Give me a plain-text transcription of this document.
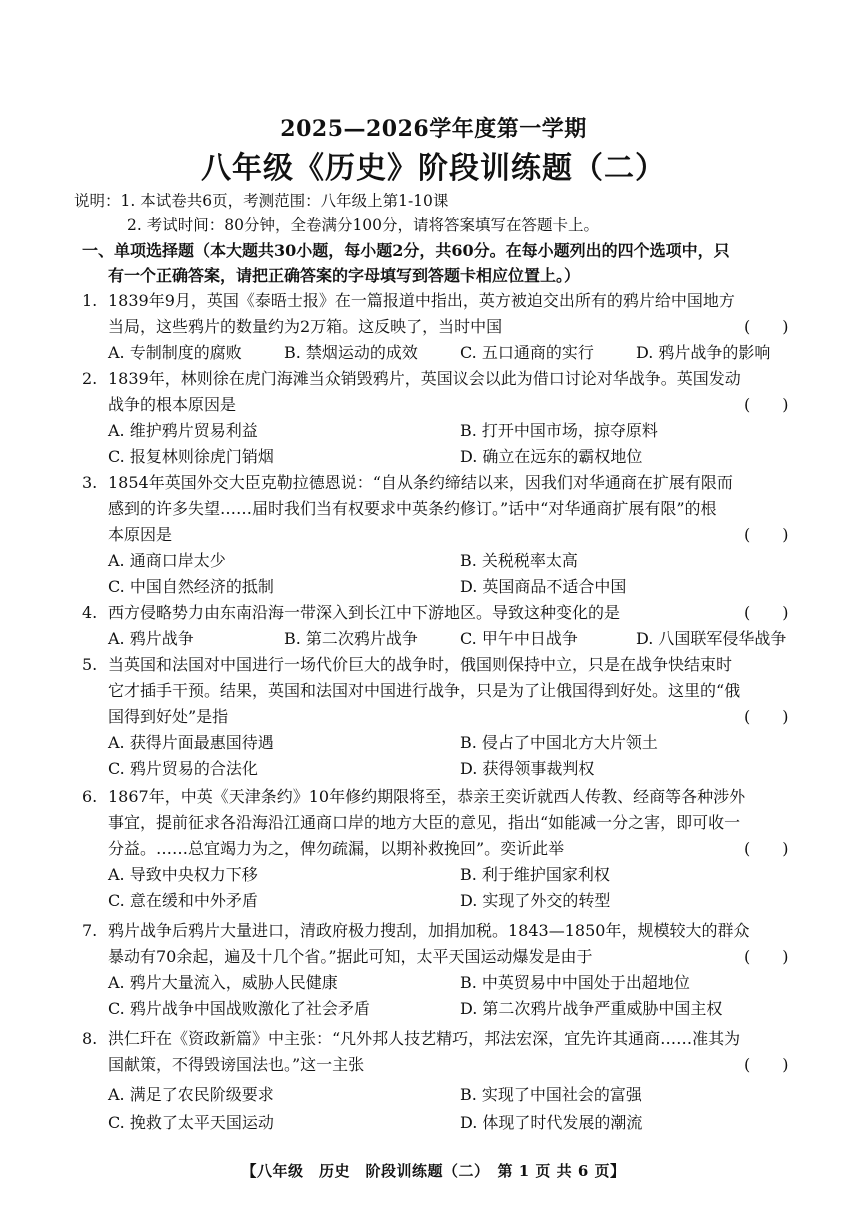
2025—2026学年度第一学期
八年级《历史》阶段训练题（二）
说明：1. 本试卷共6页，考测范围：八年级上第1-10课
2. 考试时间：80分钟，全卷满分100分，请将答案填写在答题卡上。
一、单项选择题（本大题共30小题，每小题2分，共60分。在每小题列出的四个选项中，只
有一个正确答案，请把正确答案的字母填写到答题卡相应位置上。）
1. 1839年9月，英国《泰晤士报》在一篇报道中指出，英方被迫交出所有的鸦片给中国地方
当局，这些鸦片的数量约为2万箱。这反映了，当时中国	(　　)
A. 专制制度的腐败	B. 禁烟运动的成效	C. 五口通商的实行	D. 鸦片战争的影响
2. 1839年，林则徐在虎门海滩当众销毁鸦片，英国议会以此为借口讨论对华战争。英国发动
战争的根本原因是	(　　)
A. 维护鸦片贸易利益	B. 打开中国市场，掠夺原料
C. 报复林则徐虎门销烟	D. 确立在远东的霸权地位
3. 1854年英国外交大臣克勒拉德恩说：“自从条约缔结以来，因我们对华通商在扩展有限而
感到的许多失望……届时我们当有权要求中英条约修订。”话中“对华通商扩展有限”的根
本原因是	(　　)
A. 通商口岸太少	B. 关税税率太高
C. 中国自然经济的抵制	D. 英国商品不适合中国
4. 西方侵略势力由东南沿海一带深入到长江中下游地区。导致这种变化的是	(　　)
A. 鸦片战争	B. 第二次鸦片战争	C. 甲午中日战争	D. 八国联军侵华战争
5. 当英国和法国对中国进行一场代价巨大的战争时，俄国则保持中立，只是在战争快结束时
它才插手干预。结果，英国和法国对中国进行战争，只是为了让俄国得到好处。这里的“俄
国得到好处”是指	(　　)
A. 获得片面最惠国待遇	B. 侵占了中国北方大片领土
C. 鸦片贸易的合法化	D. 获得领事裁判权
6. 1867年，中英《天津条约》10年修约期限将至，恭亲王奕䜣就西人传教、经商等各种涉外
事宜，提前征求各沿海沿江通商口岸的地方大臣的意见，指出“如能减一分之害，即可收一
分益。……总宜竭力为之，俾勿疏漏，以期补救挽回”。奕䜣此举	(　　)
A. 导致中央权力下移	B. 利于维护国家利权
C. 意在缓和中外矛盾	D. 实现了外交的转型
7. 鸦片战争后鸦片大量进口，清政府极力搜刮，加捐加税。1843—1850年，规模较大的群众
暴动有70余起，遍及十几个省。”据此可知，太平天国运动爆发是由于	(　　)
A. 鸦片大量流入，威胁人民健康	B. 中英贸易中中国处于出超地位
C. 鸦片战争中国战败激化了社会矛盾	D. 第二次鸦片战争严重威胁中国主权
8. 洪仁玕在《资政新篇》中主张：“凡外邦人技艺精巧，邦法宏深，宜先许其通商……准其为
国献策，不得毁谤国法也。”这一主张	(　　)
A. 满足了农民阶级要求	B. 实现了中国社会的富强
C. 挽救了太平天国运动	D. 体现了时代发展的潮流
【八年级　历史　阶段训练题（二）　第 1 页 共 6 页】
